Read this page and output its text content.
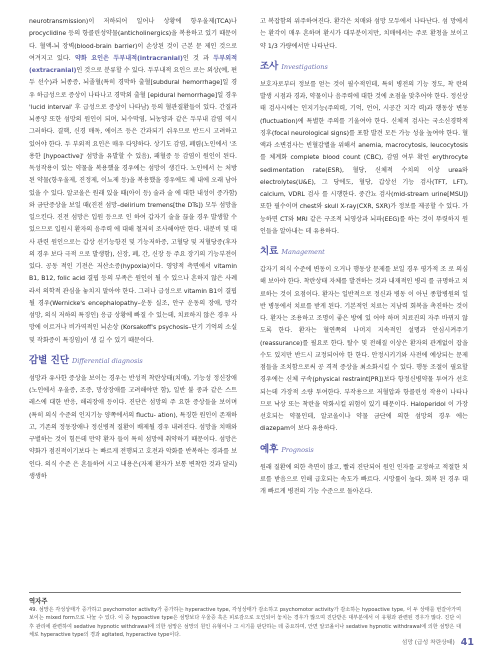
neurotransmission)이 저하되어 일어나 상황에 항우울제(TCA)나 procyclidine 등의 항콜린성약물(anticholinergics)을 복용하고 있기 때문이다. 혈액-뇌 장벽(blood-brain barrier)이 손상된 것이 근본 문 제인 것으로 여겨지고 있다. 약화 요인은 두부내적(intracranial)인 것 과 두부외적(extracranial)인 것으로 분류할 수 있다. 두부내적 요인으 로는 외상(예, 편두 선수)과 뇌종증, 뇌졸혈(특히 경막하 출혈[subdural hemorrhage]일 경우 하급성으로 증상이 나타나고 경막외 출혈 [epidural hemorrhage]일 경우 'lucid interval' 후 급성으로 증상이 나타남) 등의 혈관질환들이 있다. 간질과 뇌종양 또한 섬망의 원인이 되며, 뇌수막염, 뇌농양과 같은 두부내 감염 역시 그러하다. 결핵, 신경 매독, 에이즈 등은 간과되기 쉬우므로 반드시 고려하고 있어야 한다. 두 부외적 요인은 매우 다양하다. 상기도 감염, 폐렴(노인에서 '조용한 [hypoactive]' 섬망을 유발할 수 있음), 패혈증 등 감염이 원인이 된다. 독성작용이 있는 약물을 복용했을 경우에는 섬망이 생긴다. 노인에서 는 처방된 약물(항우울제, 진정제, 이뇨제 등)을 복용했을 경우에도 체 내에 오래 남아 있을 수 있다. 알코올은 원래 있을 때(아이 등) 술과 술 에 대한 내성이 증가함)와 금단증상을 보일 때(진전 섬망–delirium tremens[the DTs]) 모두 섬망을 일으킨다. 진전 섬망은 입원 등으로 인 하여 갑자기 술을 끊을 경우 발생할 수 있으므로 입원시 환자의 음주력 에 대해 철저히 조사해야만 한다. 내분비 및 대사 관련 원인으로는 갑상 선기능항진 및 기능저하증, 고혈당 및 저혈당증(후자의 경우 보다 극적 으로 발생함), 신장, 폐, 간, 신장 등 주요 장기의 기능부전이 있다. 공동 적인 기전은 저산소증(hypoxia)이다. 영양적 측면에서 vitamin B1, B12, folic acid 결핍 등의 부족은 원인이 될 수 있으나 흔하지 않은 사례 라서 의학적 관심을 놓치지 말아야 한다. 그러나 급성으로 vitamin B1이 결핍될 경우(Wernicke's encephalopathy–운동 실조, 안구 운동의 장애, 망각 섬망, 의식 저하의 특징인) 응급 상황에 빠질 수 있는데, 치료하지 않은 경우 사망에 이르거나 비가역적인 뇌손상 (Korsakoff's psychosis–단기 기억의 소실 및 작화증이 특징임)이 생 길 수 있기 때문이다.

감별 진단 Differential diagnosis

섬망과 유사한 증상을 보이는 경우는 반성적 착란상태(치매), 기능성 정신장애(노인에서 우울증, 조증, 망상장애를 고려해야만 함), 일반 불 중과 같은 스트레스에 대한 반응, 해리장애 등이다. 진단은 섬망의 주 요한 증상들을 보이며(특히 의식 수준의 인지기능 양쪽에서의 fluctu- ation), 특징한 원인이 존재하고, 기존의 정동장애나 정신병적 질환이 배제될 경우 내려진다. 섬망을 치매와 구별하는 것이 힘든데 만약 환자 들이 특히 섬망에 취약하기 때문이다. 섬망은 약화가 점진적이기보다 는 빠르게 전행되고 호전과 악화를 반복하는 경과를 보인다. 의식 수준 은 흔들하여 시고 내용은(자제 환자가 보통 변착한 것과 달리) 생생하

고 복잡함의 위주하여진다. 환각은 치매와 섬망 모두에서 나타난다. 섬 망에서는 환각이 매우 흔하며 환시가 대부분이지만, 치매에서는 주로 환청을 보이고 약 1/3 가량에서만 나타난다.

조사 Investigations

보호자로부터 정보를 얻는 것이 필수적인데, 특히 병전의 기능 정도, 착 란의 발생 시점과 경과, 약물이나 음주력에 대한 것에 초점을 맞추어야 한다. 정신상태 검사시에는 인지기능(주의력, 기억, 언어, 시공간 지각 력)과 행동상 변동(fluctuation)에 특별한 주의를 기울여야 한다. 신체적 검사는 국소신경학적 징후(focal neurological signs)를 포함 발견 모든 가능 성을 높여야 한다. 혈액과 소변검사는 빈혈감별을 위해서 anemia, macrocytosis, leucocytosis를 체계화 complete blood count (CBC), 감염 여부 확인 erythrocyte sedimentation rate(ESR), 혈당, 신체적 수치의 이상 urea와 electrolytes(U&E), 그 당에도, 혈당, 갑상선 기능 검사(TFT, LFT), calcium, VDRL 검사 를 시행한다. 중간뇨 검사(mid-stream urine[MSU]) 또한 필수이며 chest와 skull X-ray(CXR, SXR)가 정보를 제공할 수 있다. 가능하면 CT와 MRI 같은 구조적 뇌영상과 뇌파(EEG)를 하는 것이 뚜렷하지 원인들을 알아내는 데 유용하다.

치료 Management

갑자기 의식 수준에 변동이 오거나 행동상 문제를 보일 경우 평가적 조 로 의심해 보아야 한다. 착란상태 자체를 발견하는 것과 내재적인 병리 를 규명하고 치료하는 것이 요점이다. 환자는 일반적으로 정신과 병동 이 아닌 종합병원의 일반 병동에서 치료를 받게 된다. 기본적인 치료는 지남력 회복을 촉진하는 것이다. 환자는 조용하고 조명이 좋은 방에 있 어야 하며 치료진의 자주 바뀌지 않도록 한다. 환자는 혈연쪽의 나머지 지속적인 설명과 안심시켜주기(reassurance)를 필요로 한다. 탈수 및 전해질 이상은 환자의 관계없이 잡을 수도 있지만 반드시 교정되어야 한 한다. 안정시키기와 사전에 예상되는 문제점들을 조치함으로써 공 격적 증상을 최소화시킬 수 있다. 행동 조절이 필요할 경우에는 신체 구속(physical restraint[PR])보다 항정신병약물 투여가 선호되는데 가장적 소량 투여한다. 부작용으로 저혈압과 항콜린성 작용이 나타나 므로 낙상 또는 착란을 악화시킬 위험이 있기 때문이다. Haloperidol 이 가장 선호되는 약물인데, 알코올이나 약물 금단에 의한 섬망의 경우 에는 diazepam이 보다 유용하다.

예후 Prognosis

원래 질환에 의한 측면이 많고, 빨리 진단되어 원인 인자를 교정하고 적절한 치료를 받음으로 인해 급호되는 속도가 빠르다. 시망률이 높다. 회복 된 경우 대개 빠르게 병전의 기능 수준으로 돌아온다.

역자주
49. 섬망은 각성상태가 증가하고 psychomotor activity가 증가하는 hyperactive type, 각성상태가 감소하고 psychomotor activity가 감소하는 hypoactive type, 이 두 상태를 번갈아가며 보이는 mixed form으로 나눌 수 있다. 이 중 hypoactive type은 섬망보다 우울증 혹은 피로감으로 오인되어 놓치는 경우가 많으며 진단받은 대부분에서 이 유형과 관련된 경우가 많다. 진단 이후 관리에 관련하여 sedative hypnotic withdrawal에 의한 섬망은 섬망의 원인 유형이나 그 시기를 판단하는 데 중요하며, 안면 알코올이나 sedative hypnotic withdrawal에 의한 섬망은 대체로 hyperactive type의 경과 agitated, hyperactive type이다.
섬망 (급성 착란상태) 41
